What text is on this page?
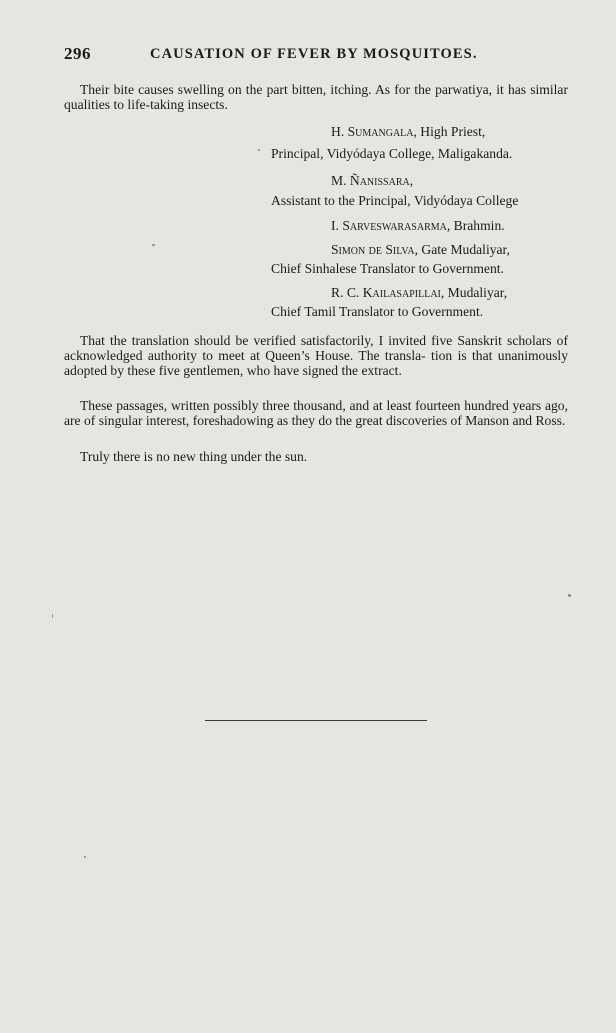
296	CAUSATION OF FEVER BY MOSQUITOES.

Their bite causes swelling on the part bitten, itching. As for the parwatiya, it has similar qualities to life-taking insects.

H. Sumangala, High Priest,
Principal, Vidyódaya College, Maligakanda.
M. Ñanissara,
Assistant to the Principal, Vidyódaya College
I. Sarveswarasarma, Brahmin.
Simon de Silva, Gate Mudaliyar,
Chief Sinhalese Translator to Government.
R. C. Kailasapillai, Mudaliyar,
Chief Tamil Translator to Government.

That the translation should be verified satisfactorily, I invited five Sanskrit scholars of acknowledged authority to meet at Queen’s House. The transla- tion is that unanimously adopted by these five gentlemen, who have signed the extract.

These passages, written possibly three thousand, and at least fourteen hundred years ago, are of singular interest, foreshadowing as they do the great discoveries of Manson and Ross.

Truly there is no new thing under the sun.
